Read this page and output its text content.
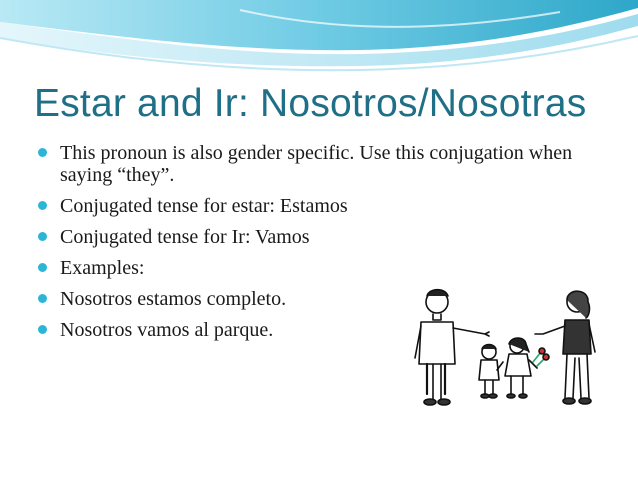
Estar and Ir: Nosotros/Nosotras
This pronoun is also gender specific. Use this conjugation when saying “they”.
Conjugated tense for estar: Estamos
Conjugated tense for Ir: Vamos
Examples:
Nosotros estamos completo.
Nosotros vamos al parque.
